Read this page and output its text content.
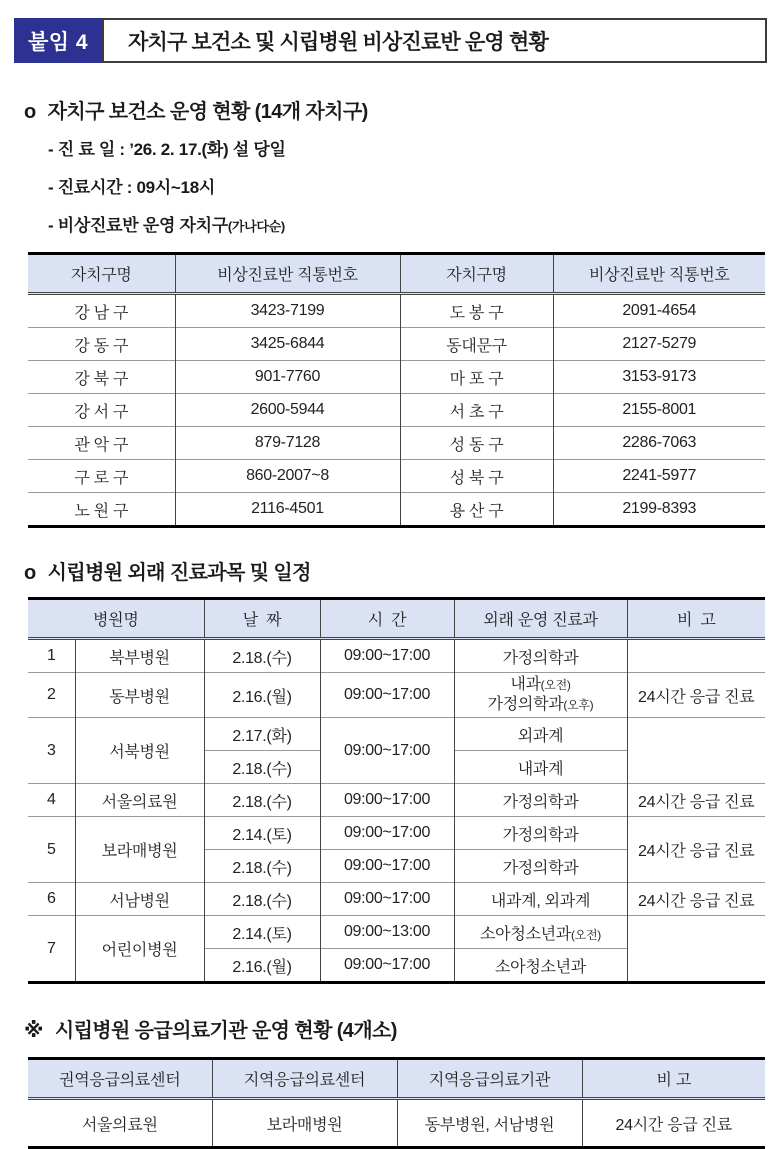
붙임 4	자치구 보건소 및 시립병원 비상진료반 운영 현황
o 자치구 보건소 운영 현황 (14개 자치구)
- 진 료 일 : ’26. 2. 17.(화) 설 당일
- 진료시간 : 09시~18시
- 비상진료반 운영 자치구(가나다순)
자치구명	비상진료반 직통번호	자치구명	비상진료반 직통번호
강 남 구	3423-7199	도 봉 구	2091-4654
강 동 구	3425-6844	동대문구	2127-5279
강 북 구	901-7760	마 포 구	3153-9173
강 서 구	2600-5944	서 초 구	2155-8001
관 악 구	879-7128	성 동 구	2286-7063
구 로 구	860-2007~8	성 북 구	2241-5977
노 원 구	2116-4501	용 산 구	2199-8393
o 시립병원 외래 진료과목 및 일정
병원명		날  짜	시  간	외래 운영 진료과	비  고
1	북부병원	2.18.(수)	09:00~17:00	가정의학과	
2	동부병원	2.16.(월)	09:00~17:00	내과(오전)
가정의학과(오후)	24시간 응급 진료
3	서북병원	2.17.(화)	09:00~17:00	외과계	
		2.18.(수)		내과계	
4	서울의료원	2.18.(수)	09:00~17:00	가정의학과	24시간 응급 진료
5	보라매병원	2.14.(토)	09:00~17:00	가정의학과	24시간 응급 진료
		2.18.(수)	09:00~17:00	가정의학과	
6	서남병원	2.18.(수)	09:00~17:00	내과계, 외과계	24시간 응급 진료
7	어린이병원	2.14.(토)	09:00~13:00	소아청소년과(오전)	
		2.16.(월)	09:00~17:00	소아청소년과	
※ 시립병원 응급의료기관 운영 현황 (4개소)
권역응급의료센터	지역응급의료센터	지역응급의료기관	비 고
서울의료원	보라매병원	동부병원, 서남병원	24시간 응급 진료
